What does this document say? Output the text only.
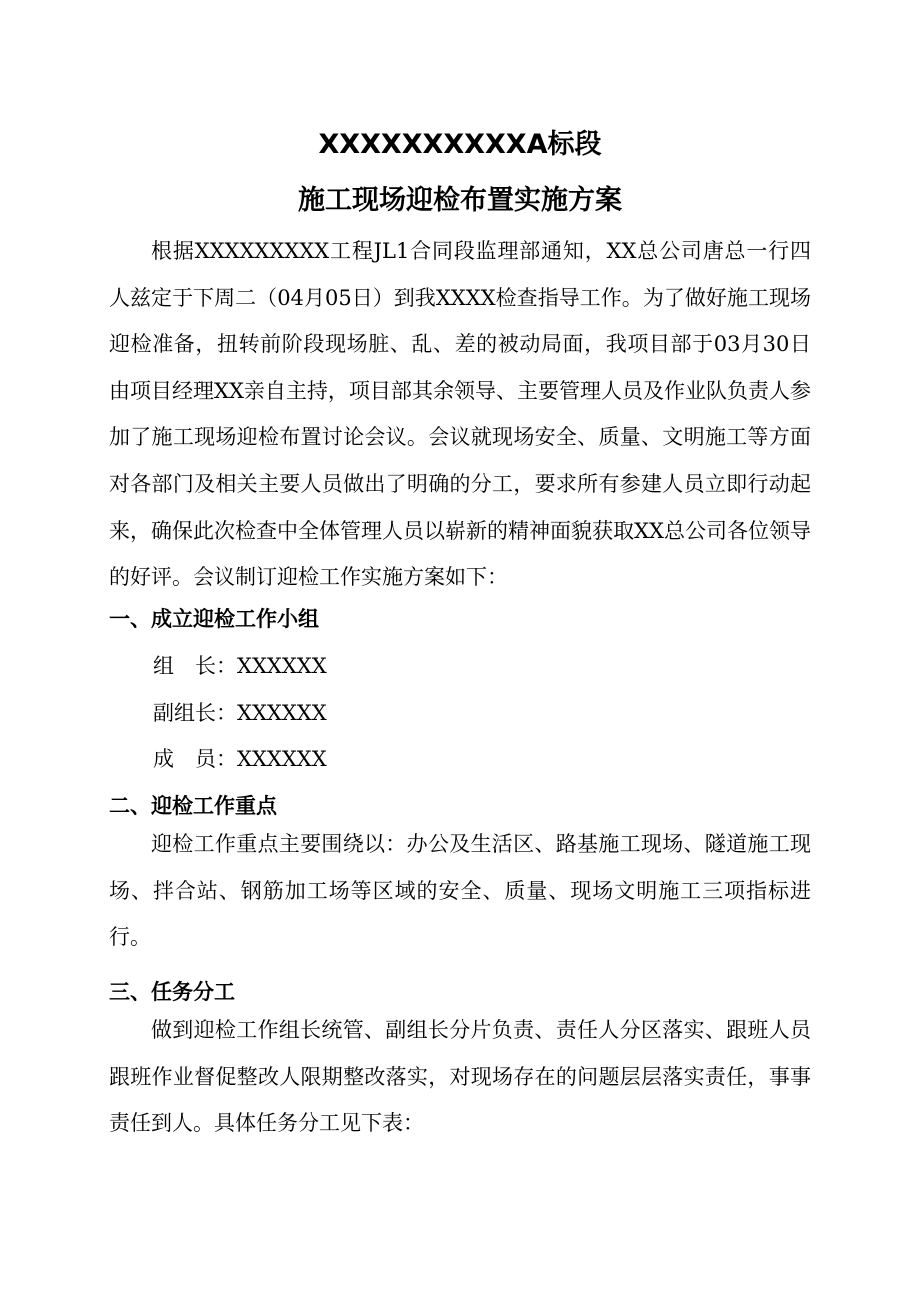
XXXXXXXXXXA标段
施工现场迎检布置实施方案

根据XXXXXXXXX工程JL1合同段监理部通知，XX总公司唐总一行四人兹定于下周二（04月05日）到我XXXX检查指导工作。为了做好施工现场迎检准备，扭转前阶段现场脏、乱、差的被动局面，我项目部于03月30日由项目经理XX亲自主持，项目部其余领导、主要管理人员及作业队负责人参加了施工现场迎检布置讨论会议。会议就现场安全、质量、文明施工等方面对各部门及相关主要人员做出了明确的分工，要求所有参建人员立即行动起来，确保此次检查中全体管理人员以崭新的精神面貌获取XX总公司各位领导的好评。会议制订迎检工作实施方案如下：

一、成立迎检工作小组

组　长：XXXXXX

副组长：XXXXXX

成　员：XXXXXX

二、迎检工作重点

迎检工作重点主要围绕以：办公及生活区、路基施工现场、隧道施工现场、拌合站、钢筋加工场等区域的安全、质量、现场文明施工三项指标进行。

三、任务分工

做到迎检工作组长统管、副组长分片负责、责任人分区落实、跟班人员跟班作业督促整改人限期整改落实，对现场存在的问题层层落实责任，事事责任到人。具体任务分工见下表：
